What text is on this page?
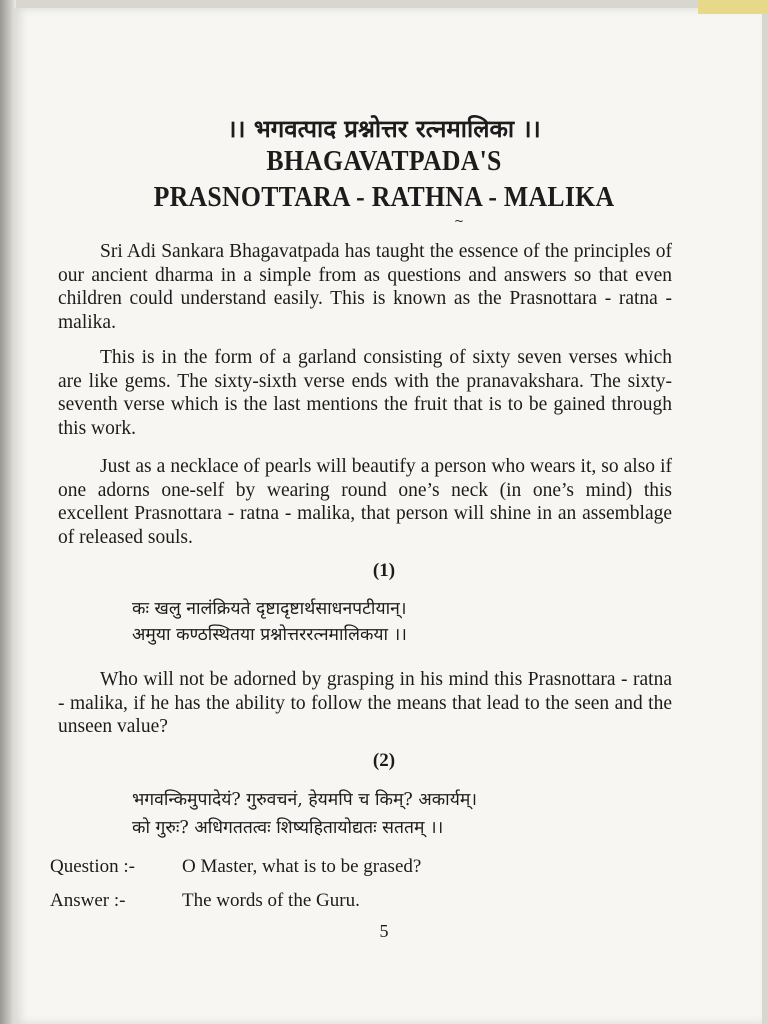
।। भगवत्पाद प्रश्नोत्तर रत्नमालिका ।।
BHAGAVATPADA'S
PRASNOTTARA - RATHNA - MALIKA
~

Sri Adi Sankara Bhagavatpada has taught the essence of the principles of our ancient dharma in a simple from as questions and answers so that even children could understand easily. This is known as the Prasnottara - ratna - malika.

This is in the form of a garland consisting of sixty seven verses which are like gems. The sixty-sixth verse ends with the pranavakshara. The sixty-seventh verse which is the last mentions the fruit that is to be gained through this work.

Just as a necklace of pearls will beautify a person who wears it, so also if one adorns one-self by wearing round one’s neck (in one’s mind) this excellent Prasnottara - ratna - malika, that person will shine in an assemblage of released souls.

(1)
कः खलु नालंक्रियते दृष्टादृष्टार्थसाधनपटीयान्।
अमुया कण्ठस्थितया प्रश्नोत्तररत्नमालिकया ।।

Who will not be adorned by grasping in his mind this Prasnottara - ratna - malika, if he has the ability to follow the means that lead to the seen and the unseen value?

(2)
भगवन्किमुपादेयं? गुरुवचनं, हेयमपि च किम्? अकार्यम्।
को गुरुः? अधिगततत्वः शिष्यहितायोद्यतः सततम् ।।
Question :- O Master, what is to be grased?
Answer :-	The words of the Guru.
5
